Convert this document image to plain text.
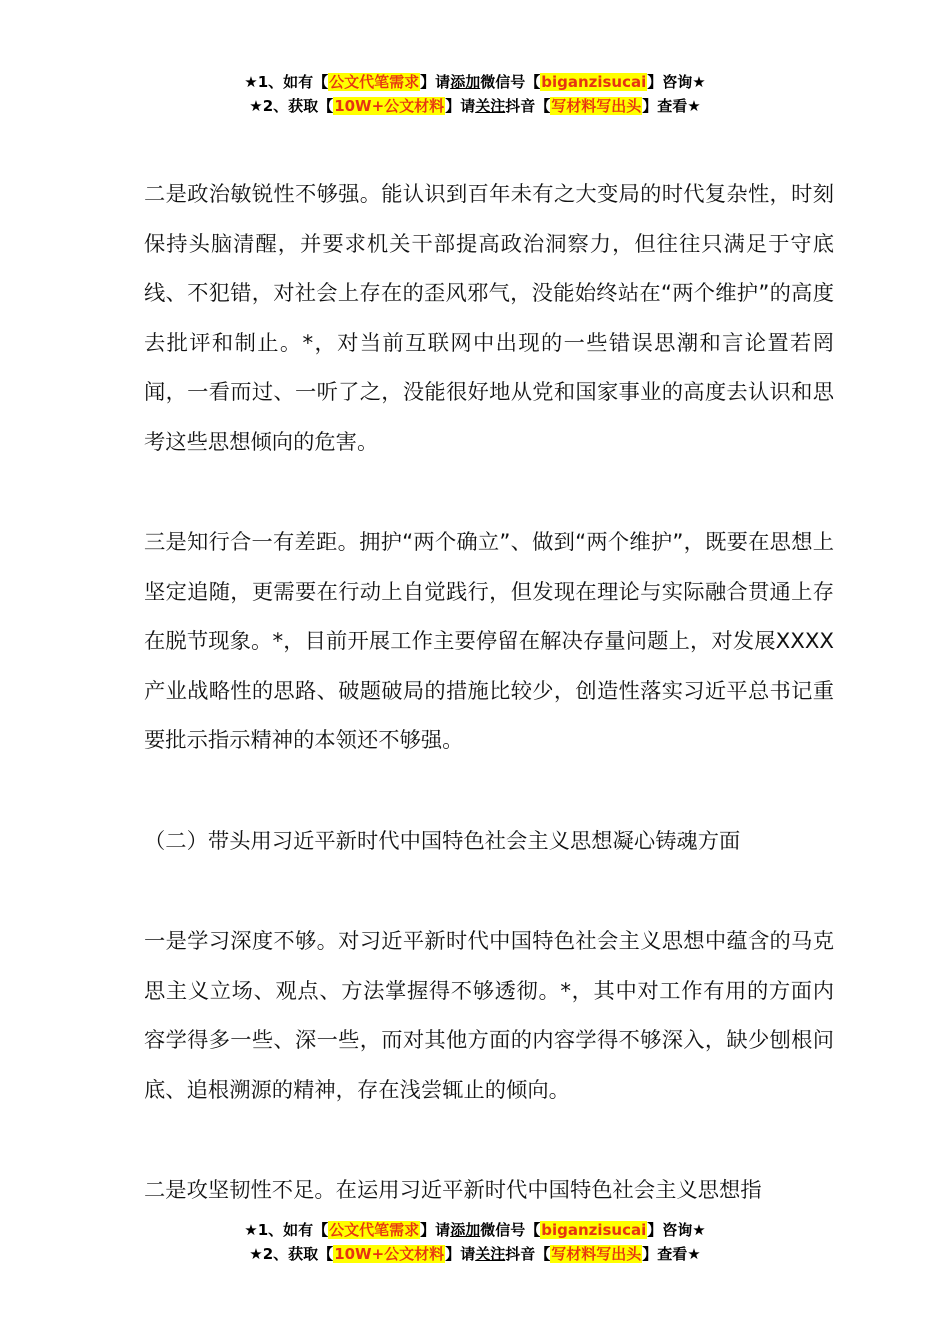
★1、如有【公文代笔需求】请添加微信号【biganzisucai】咨询★
★2、获取【10W+公文材料】请关注抖音【写材料写出头】查看★

二是政治敏锐性不够强。能认识到百年未有之大变局的时代复杂性，时刻保持头脑清醒，并要求机关干部提高政治洞察力，但往往只满足于守底线、不犯错，对社会上存在的歪风邪气，没能始终站在“两个维护”的高度去批评和制止。*，对当前互联网中出现的一些错误思潮和言论置若罔闻，一看而过、一听了之，没能很好地从党和国家事业的高度去认识和思考这些思想倾向的危害。

三是知行合一有差距。拥护“两个确立”、做到“两个维护”，既要在思想上坚定追随，更需要在行动上自觉践行，但发现在理论与实际融合贯通上存在脱节现象。*，目前开展工作主要停留在解决存量问题上，对发展XXXX产业战略性的思路、破题破局的措施比较少，创造性落实习近平总书记重要批示指示精神的本领还不够强。

（二）带头用习近平新时代中国特色社会主义思想凝心铸魂方面

一是学习深度不够。对习近平新时代中国特色社会主义思想中蕴含的马克思主义立场、观点、方法掌握得不够透彻。*，其中对工作有用的方面内容学得多一些、深一些，而对其他方面的内容学得不够深入，缺少刨根问底、追根溯源的精神，存在浅尝辄止的倾向。

二是攻坚韧性不足。在运用习近平新时代中国特色社会主义思想指

★1、如有【公文代笔需求】请添加微信号【biganzisucai】咨询★
★2、获取【10W+公文材料】请关注抖音【写材料写出头】查看★
